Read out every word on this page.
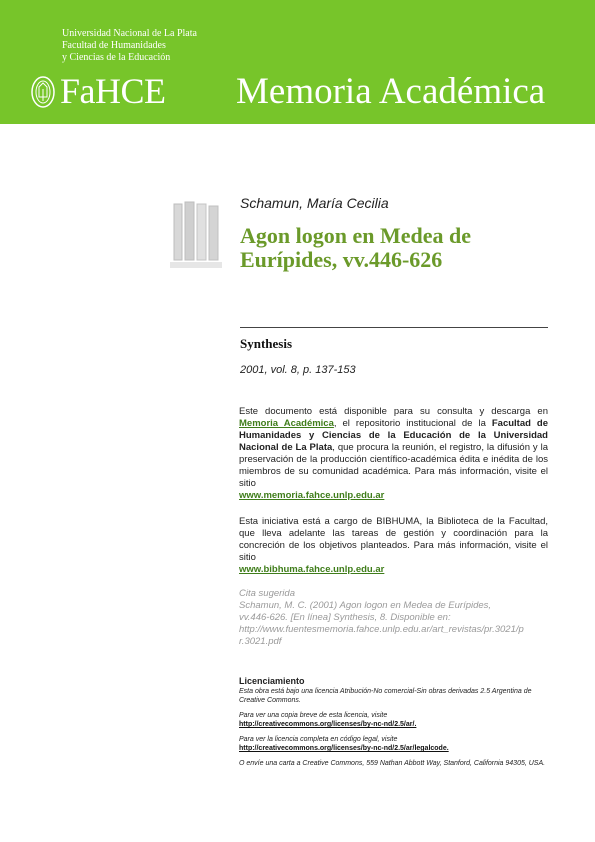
Universidad Nacional de La Plata
Facultad de Humanidades
y Ciencias de la Educación
FaHCE Memoria Académica
Schamun, María Cecilia
Agon logon en Medea de Eurípides, vv.446-626
Synthesis
2001, vol. 8, p. 137-153
Este documento está disponible para su consulta y descarga en Memoria Académica, el repositorio institucional de la Facultad de Humanidades y Ciencias de la Educación de la Universidad Nacional de La Plata, que procura la reunión, el registro, la difusión y la preservación de la producción científico-académica édita e inédita de los miembros de su comunidad académica. Para más información, visite el sitio
www.memoria.fahce.unlp.edu.ar
Esta iniciativa está a cargo de BIBHUMA, la Biblioteca de la Facultad, que lleva adelante las tareas de gestión y coordinación para la concreción de los objetivos planteados. Para más información, visite el sitio
www.bibhuma.fahce.unlp.edu.ar
Cita sugerida
Schamun, M. C. (2001) Agon logon en Medea de Eurípides,
vv.446-626. [En línea] Synthesis, 8. Disponible en:
http://www.fuentesmemoria.fahce.unlp.edu.ar/art_revistas/pr.3021/p
r.3021.pdf
Licenciamiento
Esta obra está bajo una licencia Atribución-No comercial-Sin obras derivadas 2.5 Argentina de Creative Commons.
Para ver una copia breve de esta licencia, visite
http://creativecommons.org/licenses/by-nc-nd/2.5/ar/.
Para ver la licencia completa en código legal, visite
http://creativecommons.org/licenses/by-nc-nd/2.5/ar/legalcode.
O envíe una carta a Creative Commons, 559 Nathan Abbott Way, Stanford, California 94305, USA.
